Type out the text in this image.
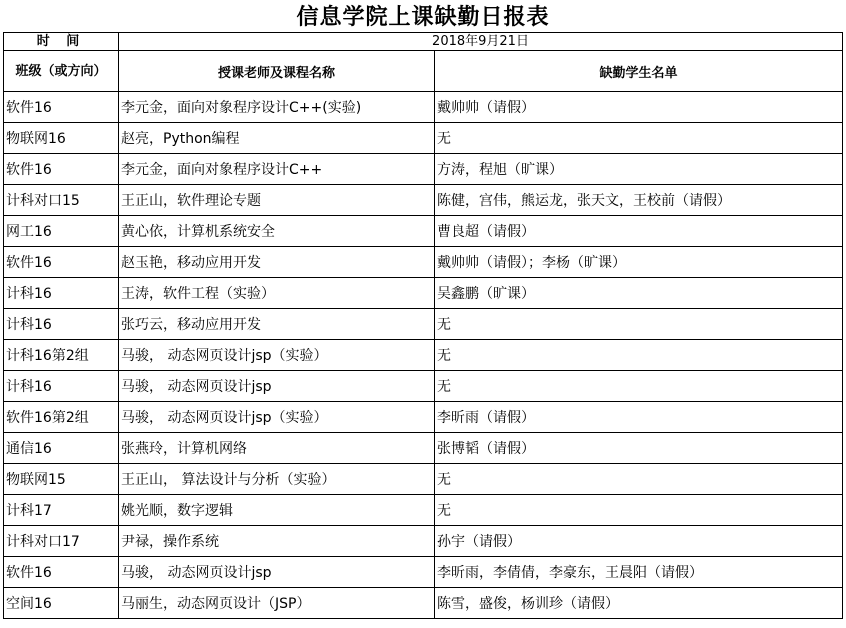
信息学院上课缺勤日报表
时 间	2018年9月21日	
班级（或方向）	授课老师及课程名称	缺勤学生名单
软件16	李元金，面向对象程序设计C++(实验)	戴帅帅（请假）
物联网16	赵亮，Python编程	无
软件16	李元金，面向对象程序设计C++	方涛，程旭（旷课）
计科对口15	王正山，软件理论专题	陈健，宫伟，熊运龙，张天文，王校前（请假）
网工16	黄心依，计算机系统安全	曹良超（请假）
软件16	赵玉艳，移动应用开发	戴帅帅（请假）；李杨（旷课）
计科16	王涛，软件工程（实验）	吴鑫鹏（旷课）
计科16	张巧云，移动应用开发	无
计科16第2组	马骏， 动态网页设计jsp（实验）	无
计科16	马骏， 动态网页设计jsp	无
软件16第2组	马骏， 动态网页设计jsp（实验）	李昕雨（请假）
通信16	张燕玲，计算机网络	张博韬（请假）
物联网15	王正山， 算法设计与分析（实验）	无
计科17	姚光顺，数字逻辑	无
计科对口17	尹禄，操作系统	孙宇（请假）
软件16	马骏， 动态网页设计jsp	李昕雨，李倩倩，李豪东，王晨阳（请假）
空间16	马丽生，动态网页设计（JSP）	陈雪，盛俊，杨训珍（请假）
